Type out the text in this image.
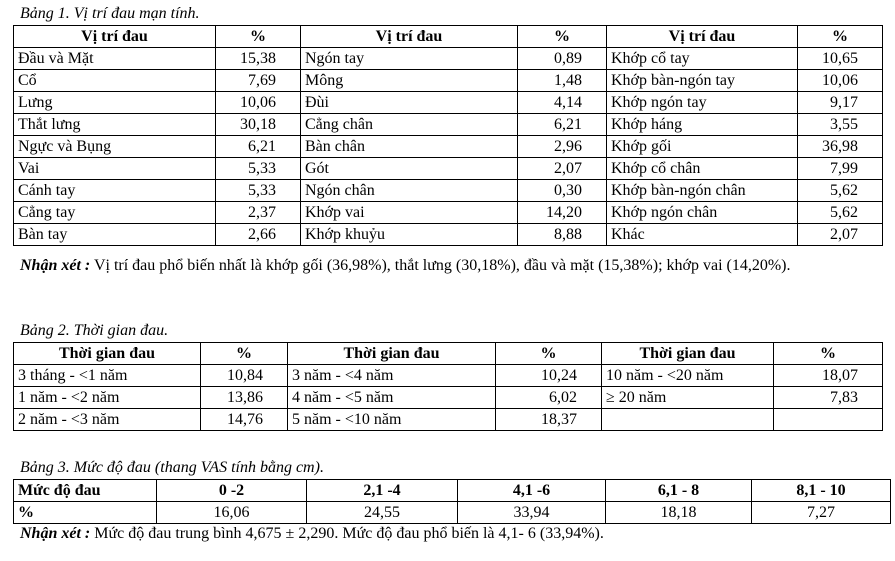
Bảng 1. Vị trí đau mạn tính.
Vị trí đau	%	Vị trí đau	%	Vị trí đau	%
Đầu và Mặt	15,38	Ngón tay	0,89	Khớp cổ tay	10,65
Cổ	7,69	Mông	1,48	Khớp bàn-ngón tay	10,06
Lưng	10,06	Đùi	4,14	Khớp ngón tay	9,17
Thắt lưng	30,18	Cẳng chân	6,21	Khớp háng	3,55
Ngực và Bụng	6,21	Bàn chân	2,96	Khớp gối	36,98
Vai	5,33	Gót	2,07	Khớp cổ chân	7,99
Cánh tay	5,33	Ngón chân	0,30	Khớp bàn-ngón chân	5,62
Cẳng tay	2,37	Khớp vai	14,20	Khớp ngón chân	5,62
Bàn tay	2,66	Khớp khuỷu	8,88	Khác	2,07
Nhận xét : Vị trí đau phổ biến nhất là khớp gối (36,98%), thắt lưng (30,18%), đầu và mặt (15,38%); khớp vai (14,20%).
Bảng 2. Thời gian đau.
Thời gian đau	%	Thời gian đau	%	Thời gian đau	%
3 tháng - <1 năm	10,84	3 năm - <4 năm	10,24	10 năm - <20 năm	18,07
1 năm - <2 năm	13,86	4 năm - <5 năm	6,02	≥ 20 năm	7,83
2 năm - <3 năm	14,76	5 năm - <10 năm	18,37		
Bảng 3. Mức độ đau (thang VAS tính bằng cm).
Mức độ đau	0 -2	2,1 -4	4,1 -6	6,1 - 8	8,1 - 10
%	16,06	24,55	33,94	18,18	7,27
Nhận xét : Mức độ đau trung bình 4,675 ± 2,290. Mức độ đau phổ biến là 4,1- 6 (33,94%).
